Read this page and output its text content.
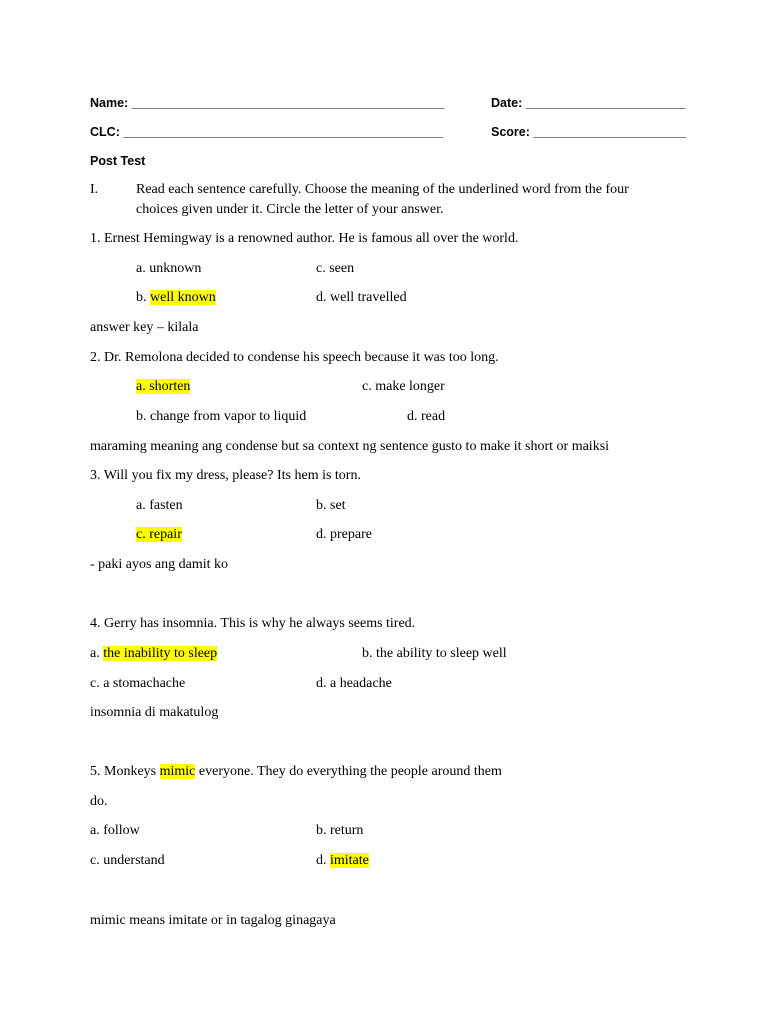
Name: _____________________________________________	Date: _______________________
CLC: ______________________________________________	Score: ______________________
Post Test
I.	Read each sentence carefully. Choose the meaning of the underlined word from the four
choices given under it. Circle the letter of your answer.
1. Ernest Hemingway is a renowned author. He is famous all over the world.
a. unknown	c. seen
b. well known	d. well travelled
answer key – kilala
2. Dr. Remolona decided to condense his speech because it was too long.
a. shorten	c. make longer
b. change from vapor to liquid	d. read
maraming meaning ang condense but sa context ng sentence gusto to make it short or maiksi
3. Will you fix my dress, please? Its hem is torn.
a. fasten	b. set
c. repair	d. prepare
- paki ayos ang damit ko
4. Gerry has insomnia. This is why he always seems tired.
a. the inability to sleep	b. the ability to sleep well
c. a stomachache	d. a headache
insomnia di makatulog
5. Monkeys mimic everyone. They do everything the people around them
do.
a. follow	b. return
c. understand	d. imitate
mimic means imitate or in tagalog ginagaya
